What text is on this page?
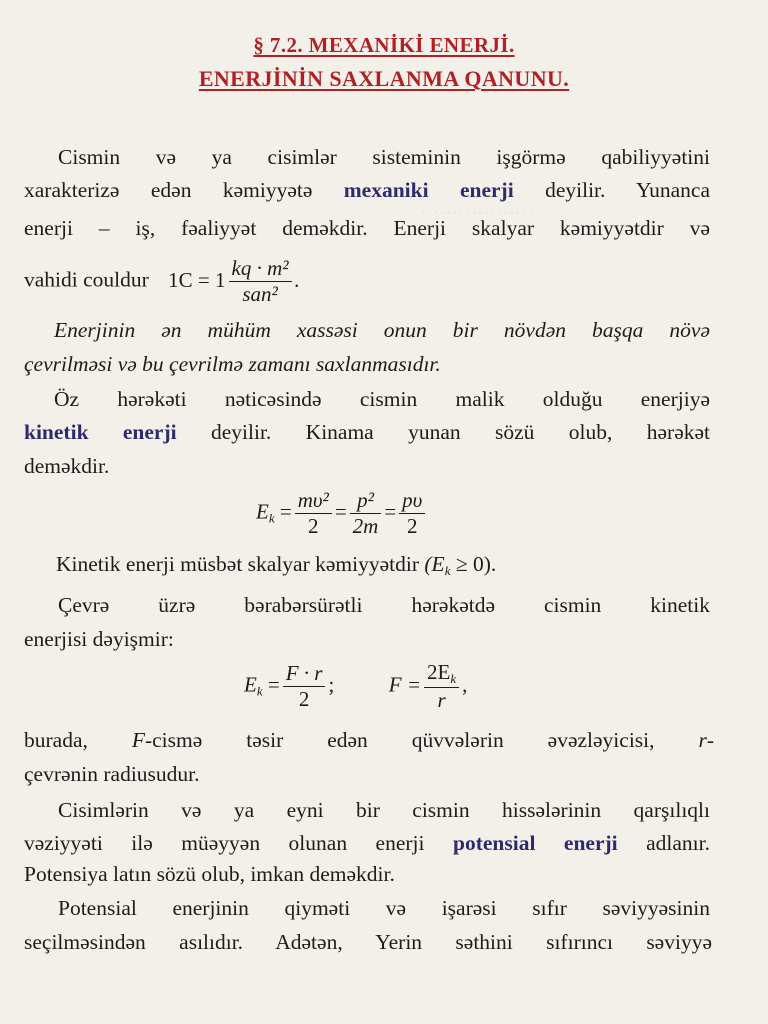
………………
§ 7.2. MEXANİKİ ENERJİ.
ENERJİNİN SAXLANMA QANUNU.
Cismin və ya cisimlər sisteminin işgörmə qabiliyyətini
xarakterizə edən kəmiyyətə mexaniki enerji deyilir. Yunanca
enerji – iş, fəaliyyət deməkdir. Enerji skalyar kəmiyyətdir və
vahidi couldur $1C = 1 \frac{\text{kq · m²}}{\text{san²}}$ .
Enerjinin ən mühüm xassəsi onun bir növdən başqa növə
çevrilməsi və bu çevrilmə zamanı saxlanmasıdır.
Öz hərəkəti nəticəsində cismin malik olduğu enerjiyə
kinetik enerji deyilir. Kinama yunan sözü olub, hərəkət
deməkdir.
$E_k = \frac{\text{mυ²}}{2} = \frac{\text{p²}}{2m} = \frac{p\upsilon}{2}$
Kinetik enerji müsbət skalyar kəmiyyətdir $(E_k \ge 0)$.
Çevrə üzrə bərabərsürətli hərəkətdə cismin kinetik
enerjisi dəyişmir:
$E_k = \frac{F \cdot r}{2}$ ;	$F = \frac{2E_k}{r}$ ,
burada, F-cismə təsir edən qüvvələrin əvəzləyicisi, r-
çevrənin radiusudur.
Cisimlərin və ya eyni bir cismin hissələrinin qarşılıqlı
vəziyyəti ilə müəyyən olunan enerji potensial enerji adlanır.
Potensiya latın sözü olub, imkan deməkdir.
Potensial enerjinin qiyməti və işarəsi sıfır səviyyəsinin
seçilməsindən asılıdır. Adətən, Yerin səthini sıfırıncı səviyyə
